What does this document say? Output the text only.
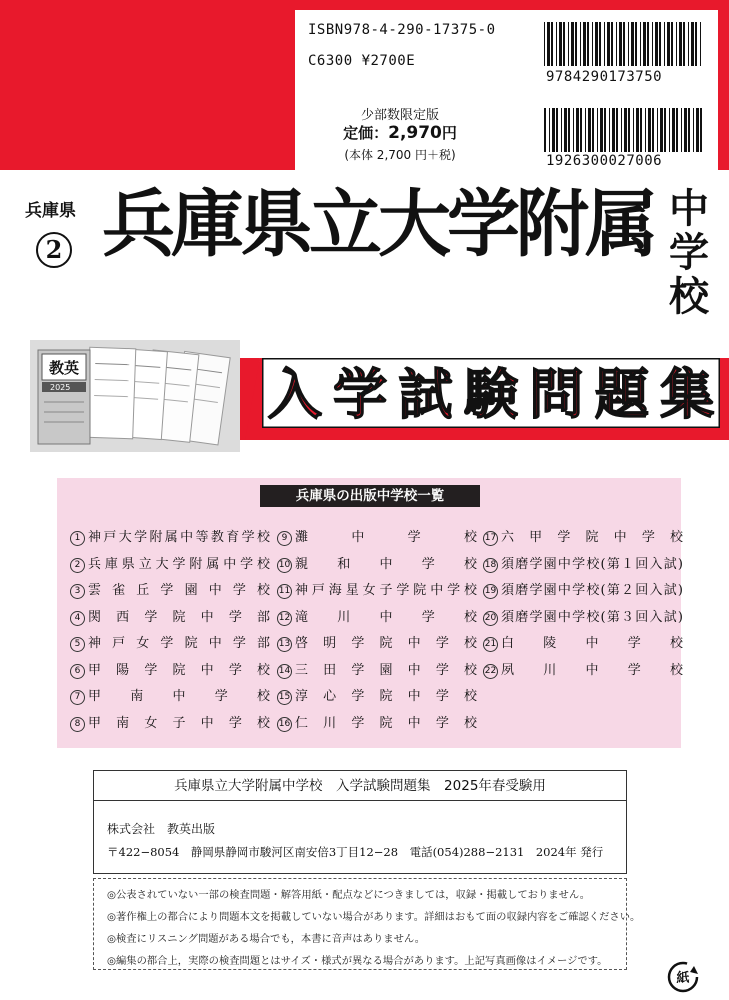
ISBN978-4-290-17375-0
C6300 ¥2700E
9784290173750
1926300027006
少部数限定版
定価：2,970円
(本体 2,700 円＋税)
兵庫県
2 兵庫県立大学附属 中
学
校
教英
2025	入 学 試 験 問 題 集
兵庫県の出版中学校一覧
1 神戸大学附属中等教育学校
2 兵庫県立大学附属中学校
3 雲雀丘学園中学校
4 関西学院中学部
5 神戸女学院中学部
6 甲陽学院中学校
7 甲南中学校
8 甲南女子中学校
9 灘中学校
10 親和中学校
11 神戸海星女子学院中学校
12 滝川中学校
13 啓明学院中学校
14 三田学園中学校
15 淳心学院中学校
16 仁川学院中学校
17 六甲学院中学校
18 須磨学園中学校(第１回入試)
19 須磨学園中学校(第２回入試)
20 須磨学園中学校(第３回入試)
21 白陵中学校
22 夙川中学校
兵庫県立大学附属中学校　入学試験問題集　2025年春受験用
株式会社　教英出版
〒422−8054　静岡県静岡市駿河区南安倍3丁目12−28　電話(054)288−2131　2024年 発行
◎公表されていない一部の検査問題・解答用紙・配点などにつきましては，収録・掲載しておりません。
◎著作権上の都合により問題本文を掲載していない場合があります。詳細はおもて面の収録内容をご確認ください。
◎検査にリスニング問題がある場合でも，本書に音声はありません。
◎編集の都合上，実際の検査問題とはサイズ・様式が異なる場合があります。上記写真画像はイメージです。
紙
